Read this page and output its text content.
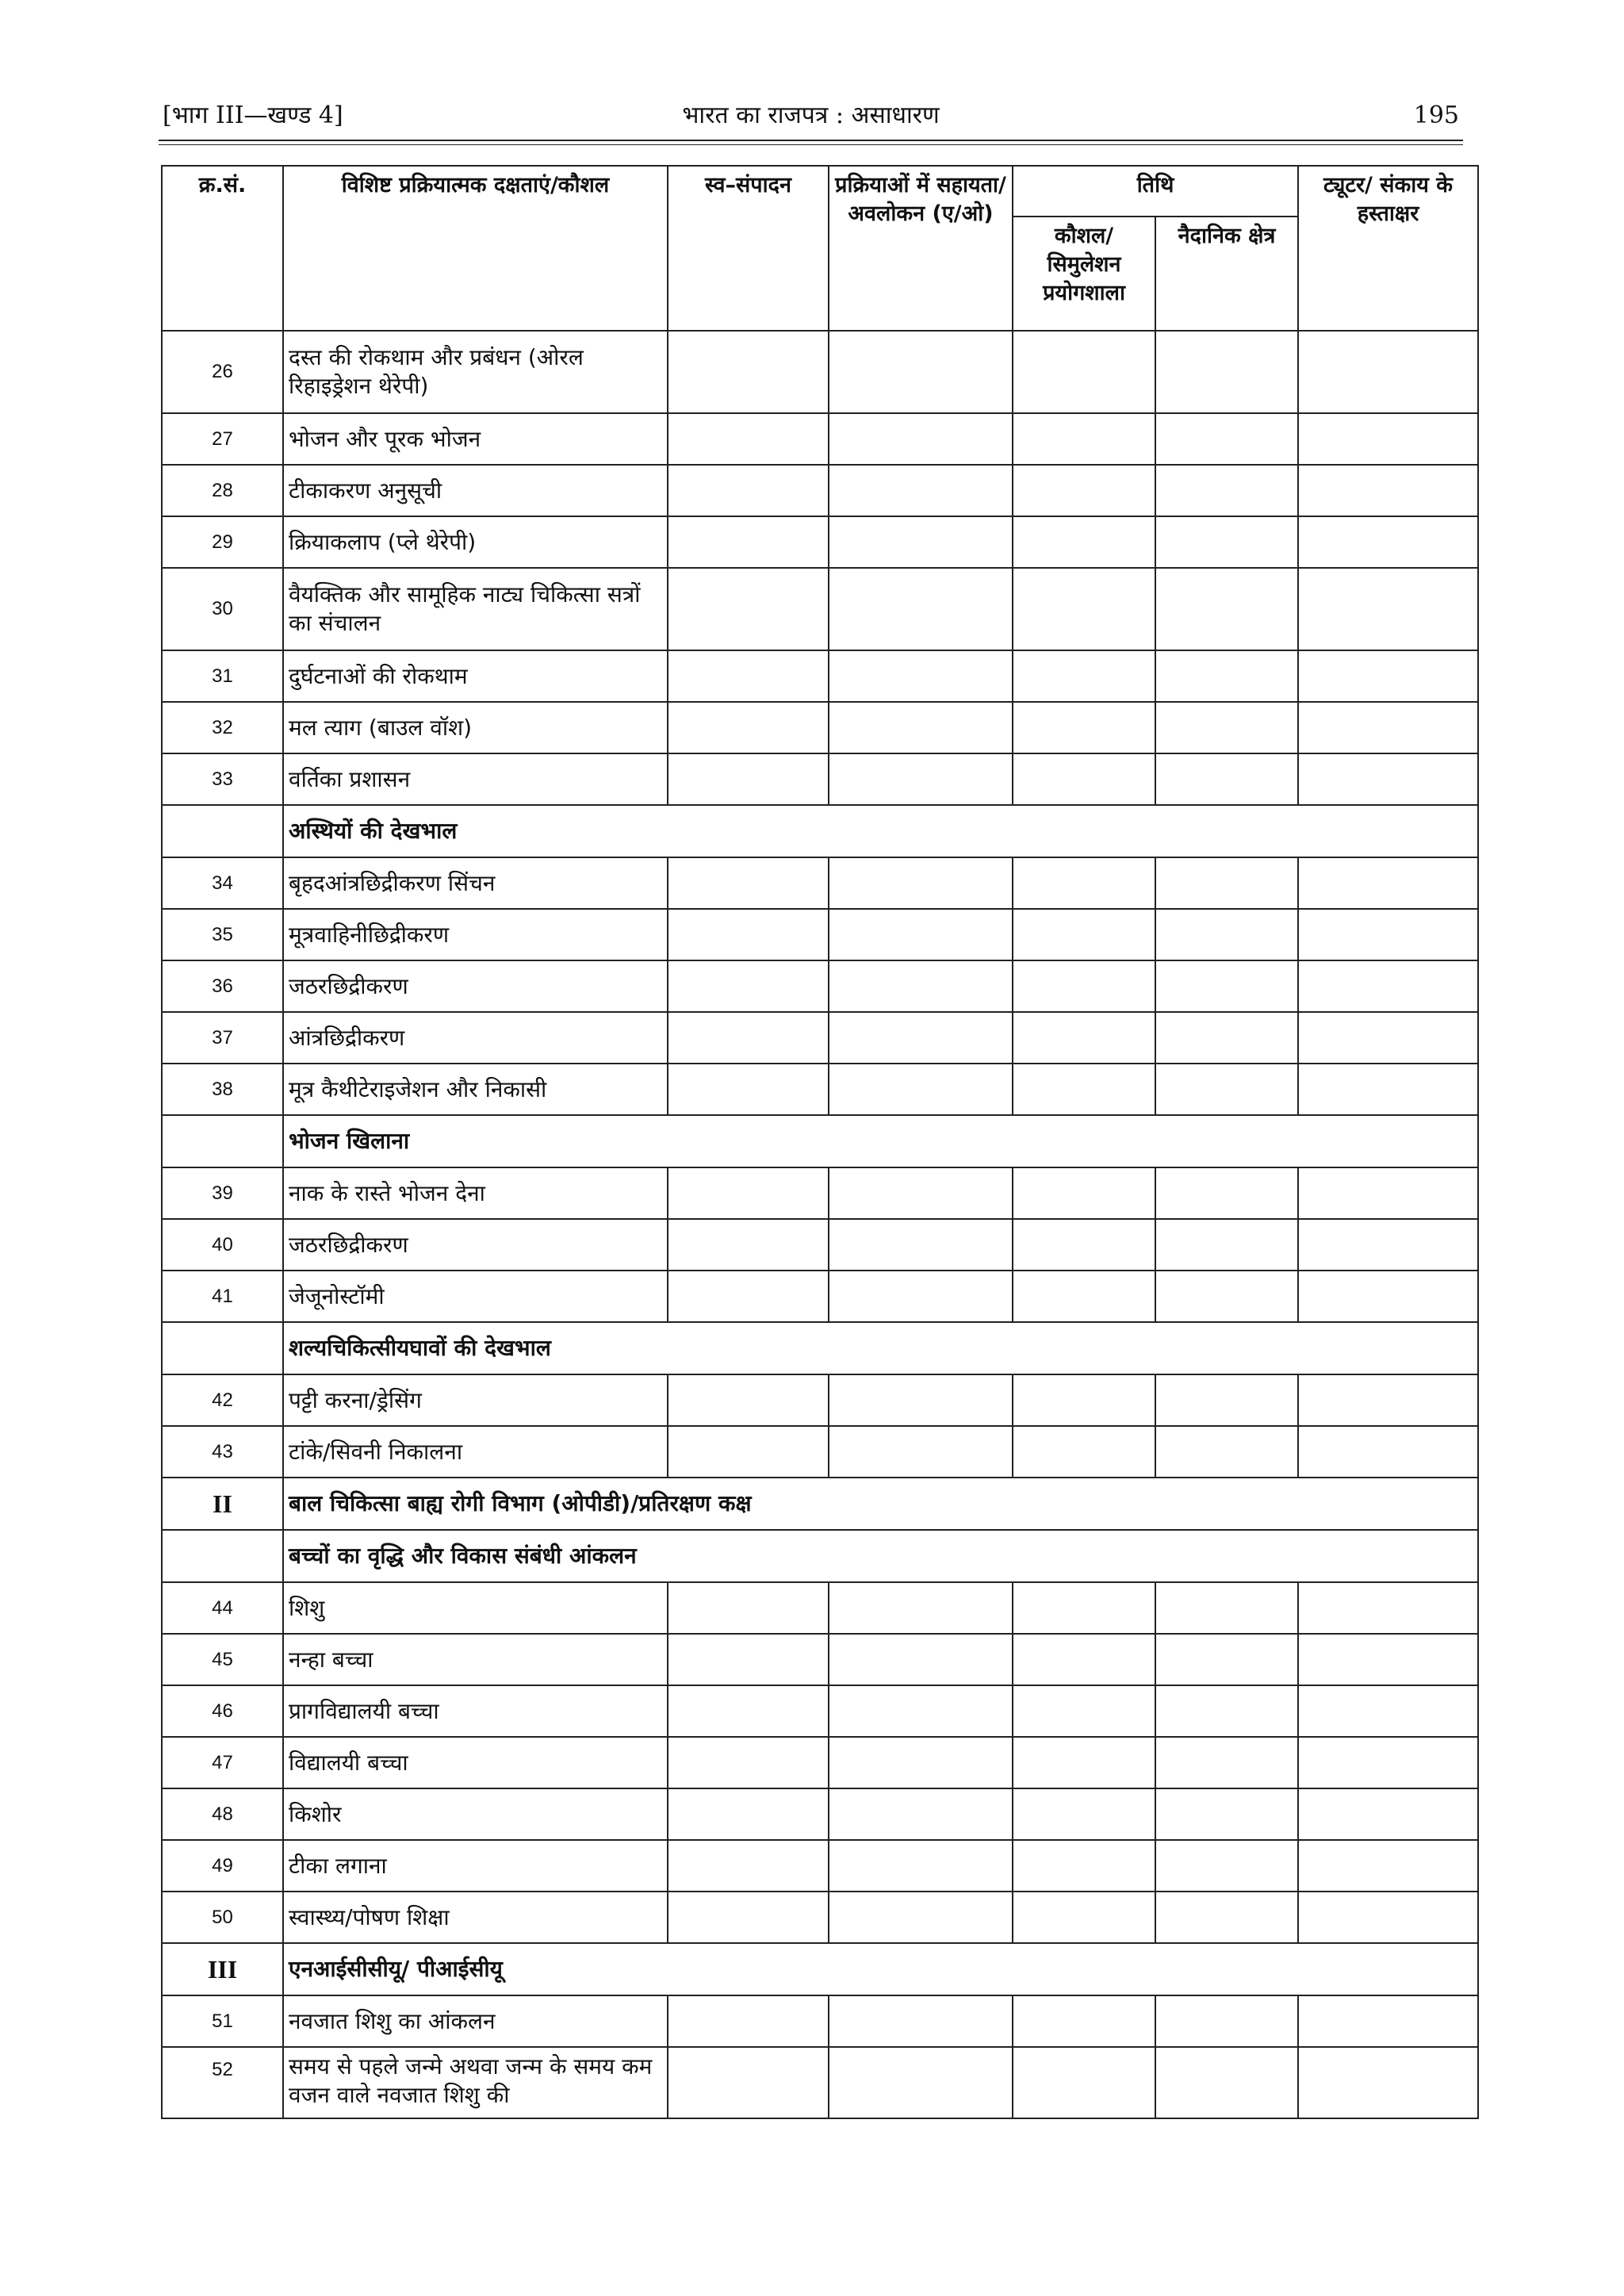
भारत का राजपत्र : असाधारण
[भाग III—खण्ड 4]	195
क्र.सं.	विशिष्ट प्रक्रियात्मक दक्षताएं/कौशल	स्व–संपादन	प्रक्रियाओं में सहायता/ अवलोकन (ए/ओ)	तिथि		ट्यूटर/ संकाय के हस्ताक्षर
				कौशल/ सिमुलेशन प्रयोगशाला	नैदानिक क्षेत्र	
26	दस्त की रोकथाम और प्रबंधन (ओरल रिहाइड्रेशन थेरेपी)					
27	भोजन और पूरक भोजन					
28	टीकाकरण अनुसूची					
29	क्रियाकलाप (प्ले थेरेपी)					
30	वैयक्तिक और सामूहिक नाट्य चिकित्सा सत्रों का संचालन					
31	दुर्घटनाओं की रोकथाम					
32	मल त्याग (बाउल वॉश)					
33	वर्तिका प्रशासन					
	अस्थियों की देखभाल					
34	बृहदआंत्रछिद्रीकरण सिंचन					
35	मूत्रवाहिनीछिद्रीकरण					
36	जठरछिद्रीकरण					
37	आंत्रछिद्रीकरण					
38	मूत्र कैथीटेराइजेशन और निकासी					
	भोजन खिलाना					
39	नाक के रास्ते भोजन देना					
40	जठरछिद्रीकरण					
41	जेजूनोस्टॉमी					
	शल्यचिकित्सीयघावों की देखभाल					
42	पट्टी करना/ड्रेसिंग					
43	टांके/सिवनी निकालना					
II	बाल चिकित्सा बाह्य रोगी विभाग (ओपीडी)/प्रतिरक्षण कक्ष					
	बच्चों का वृद्धि और विकास संबंधी आंकलन					
44	शिशु					
45	नन्हा बच्चा					
46	प्रागविद्यालयी बच्चा					
47	विद्यालयी बच्चा					
48	किशोर					
49	टीका लगाना					
50	स्वास्थ्य/पोषण शिक्षा					
III	एनआईसीसीयू/ पीआईसीयू					
51	नवजात शिशु का आंकलन					
52	समय से पहले जन्मे अथवा जन्म के समय कम वजन वाले नवजात शिशु की					
